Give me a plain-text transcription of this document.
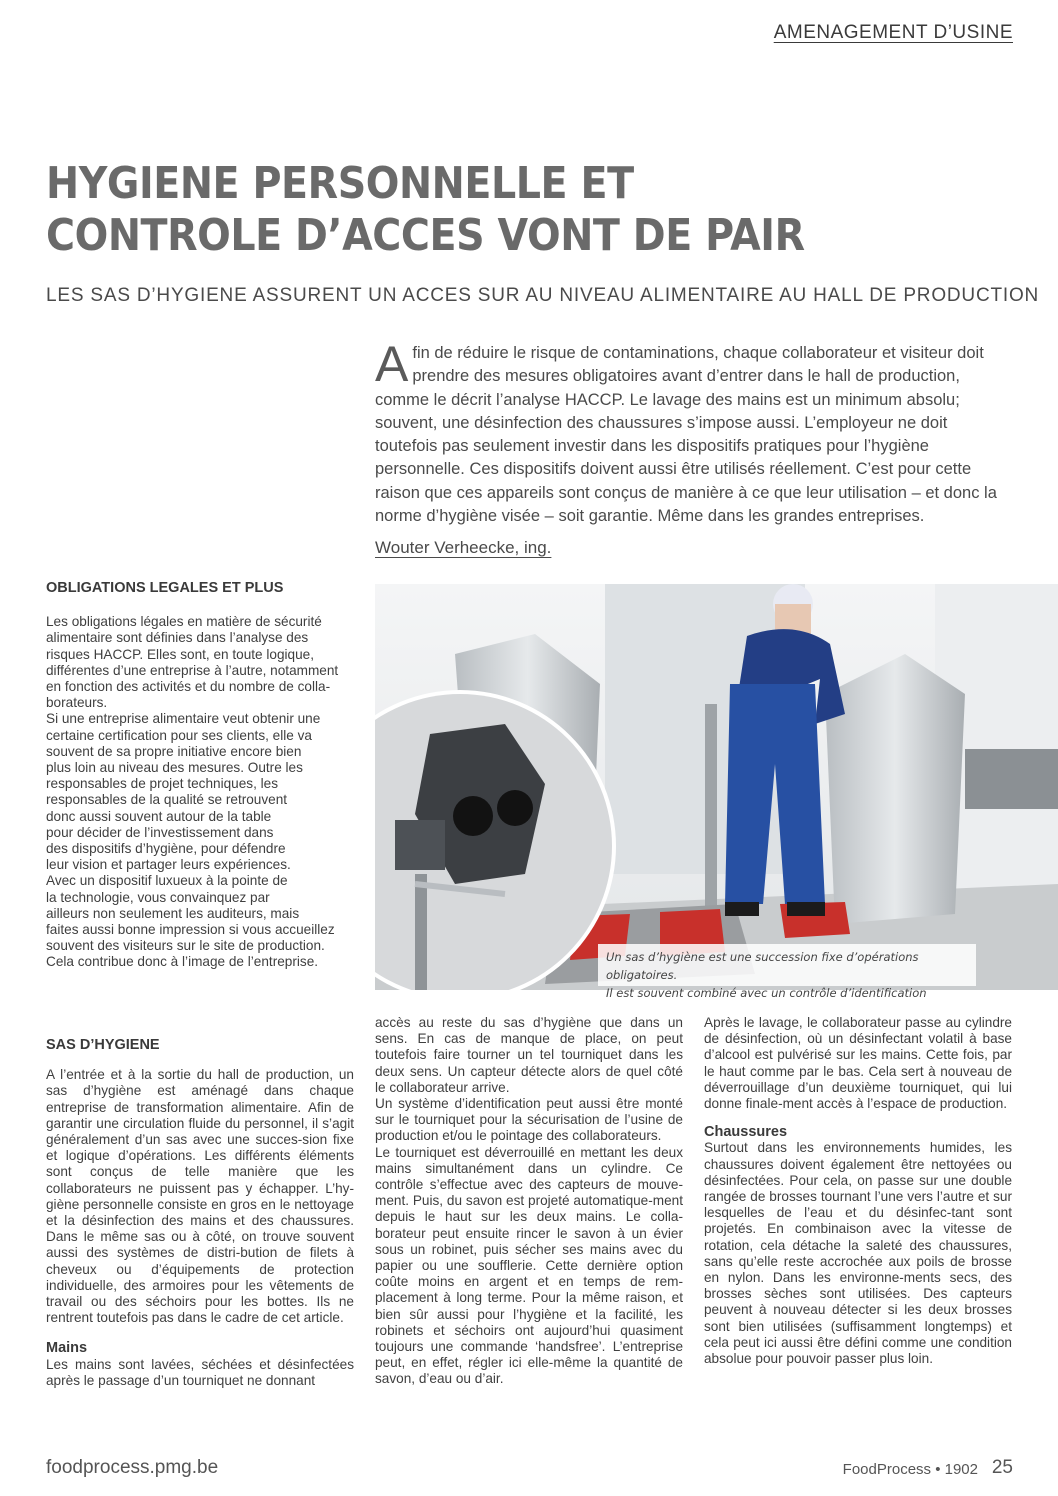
AMENAGEMENT D’USINE
HYGIENE PERSONNELLE ET
CONTROLE D’ACCES VONT DE PAIR
LES SAS D’HYGIENE ASSURENT UN ACCES SUR AU NIVEAU ALIMENTAIRE AU HALL DE PRODUCTION

Afin de réduire le risque de contaminations, chaque collaborateur et visiteur doit prendre des mesures obligatoires avant d’entrer dans le hall de production, comme le décrit l’analyse HACCP. Le lavage des mains est un minimum absolu; souvent, une désinfection des chaussures s’impose aussi. L’employeur ne doit toutefois pas seulement investir dans les dispositifs pratiques pour l’hygiène personnelle. Ces dispositifs doivent aussi être utilisés réellement. C’est pour cette raison que ces appareils sont conçus de manière à ce que leur utilisation – et donc la norme d’hygiène visée – soit garantie. Même dans les grandes entreprises.

Wouter Verheecke, ing.
Un sas d’hygiène est une succession fixe d’opérations obligatoires.
Il est souvent combiné avec un contrôle d’identification
OBLIGATIONS LEGALES ET PLUS

Les obligations légales en matière de sécurité

alimentaire sont définies dans l’analyse des

risques HACCP. Elles sont, en toute logique,

différentes d’une entreprise à l’autre, notamment

en fonction des activités et du nombre de colla-

borateurs.

Si une entreprise alimentaire veut obtenir une

certaine certification pour ses clients, elle va

souvent de sa propre initiative encore bien

plus loin au niveau des mesures. Outre les

responsables de projet techniques, les

responsables de la qualité se retrouvent

donc aussi souvent autour de la table

pour décider de l’investissement dans

des dispositifs d’hygiène, pour défendre

leur vision et partager leurs expériences.

Avec un dispositif luxueux à la pointe de

la technologie, vous convainquez par

ailleurs non seulement les auditeurs, mais

faites aussi bonne impression si vous accueillez

souvent des visiteurs sur le site de production.

Cela contribue donc à l’image de l’entreprise.

SAS D’HYGIENE

A l’entrée et à la sortie du hall de production, un sas d’hygiène est aménagé dans chaque entreprise de transformation alimentaire. Afin de garantir une circulation fluide du personnel, il s’agit généralement d’un sas avec une succes-sion fixe et logique d’opérations. Les différents éléments sont conçus de telle manière que les collaborateurs ne puissent pas y échapper. L’hy-giène personnelle consiste en gros en le nettoyage et la désinfection des mains et des chaussures. Dans le même sas ou à côté, on trouve souvent aussi des systèmes de distri-bution de filets à cheveux ou d’équipements de protection individuelle, des armoires pour les vêtements de travail ou des séchoirs pour les bottes. Ils ne rentrent toutefois pas dans le cadre de cet article.

Mains

Les mains sont lavées, séchées et désinfectées après le passage d’un tourniquet ne donnant

accès au reste du sas d’hygiène que dans un sens. En cas de manque de place, on peut toutefois faire tourner un tel tourniquet dans les deux sens. Un capteur détecte alors de quel côté le collaborateur arrive.

Un système d’identification peut aussi être monté sur le tourniquet pour la sécurisation de l’usine de production et/ou le pointage des collaborateurs.

Le tourniquet est déverrouillé en mettant les deux mains simultanément dans un cylindre. Ce contrôle s’effectue avec des capteurs de mouve-ment. Puis, du savon est projeté automatique-ment depuis le haut sur les deux mains. Le colla-borateur peut ensuite rincer le savon à un évier sous un robinet, puis sécher ses mains avec du papier ou une soufflerie. Cette dernière option coûte moins en argent et en temps de rem-placement à long terme. Pour la même raison, et bien sûr aussi pour l’hygiène et la facilité, les robinets et séchoirs ont aujourd’hui quasiment toujours une commande ‘handsfree’. L’entreprise peut, en effet, régler ici elle-même la quantité de savon, d’eau ou d’air.

Après le lavage, le collaborateur passe au cylindre de désinfection, où un désinfectant volatil à base d’alcool est pulvérisé sur les mains. Cette fois, par le haut comme par le bas. Cela sert à nouveau de déverrouillage d’un deuxième tourniquet, qui lui donne finale-ment accès à l’espace de production.

Chaussures

Surtout dans les environnements humides, les chaussures doivent également être nettoyées ou désinfectées. Pour cela, on passe sur une double rangée de brosses tournant l’une vers l’autre et sur lesquelles de l’eau et du désinfec-tant sont projetés. En combinaison avec la vitesse de rotation, cela détache la saleté des chaussures, sans qu’elle reste accrochée aux poils de brosse en nylon. Dans les environne-ments secs, des brosses sèches sont utilisées. Des capteurs peuvent à nouveau détecter si les deux brosses sont bien utilisées (suffisamment longtemps) et cela peut ici aussi être défini comme une condition absolue pour pouvoir passer plus loin.

foodprocess.pmg.be	FoodProcess • 1902 25
